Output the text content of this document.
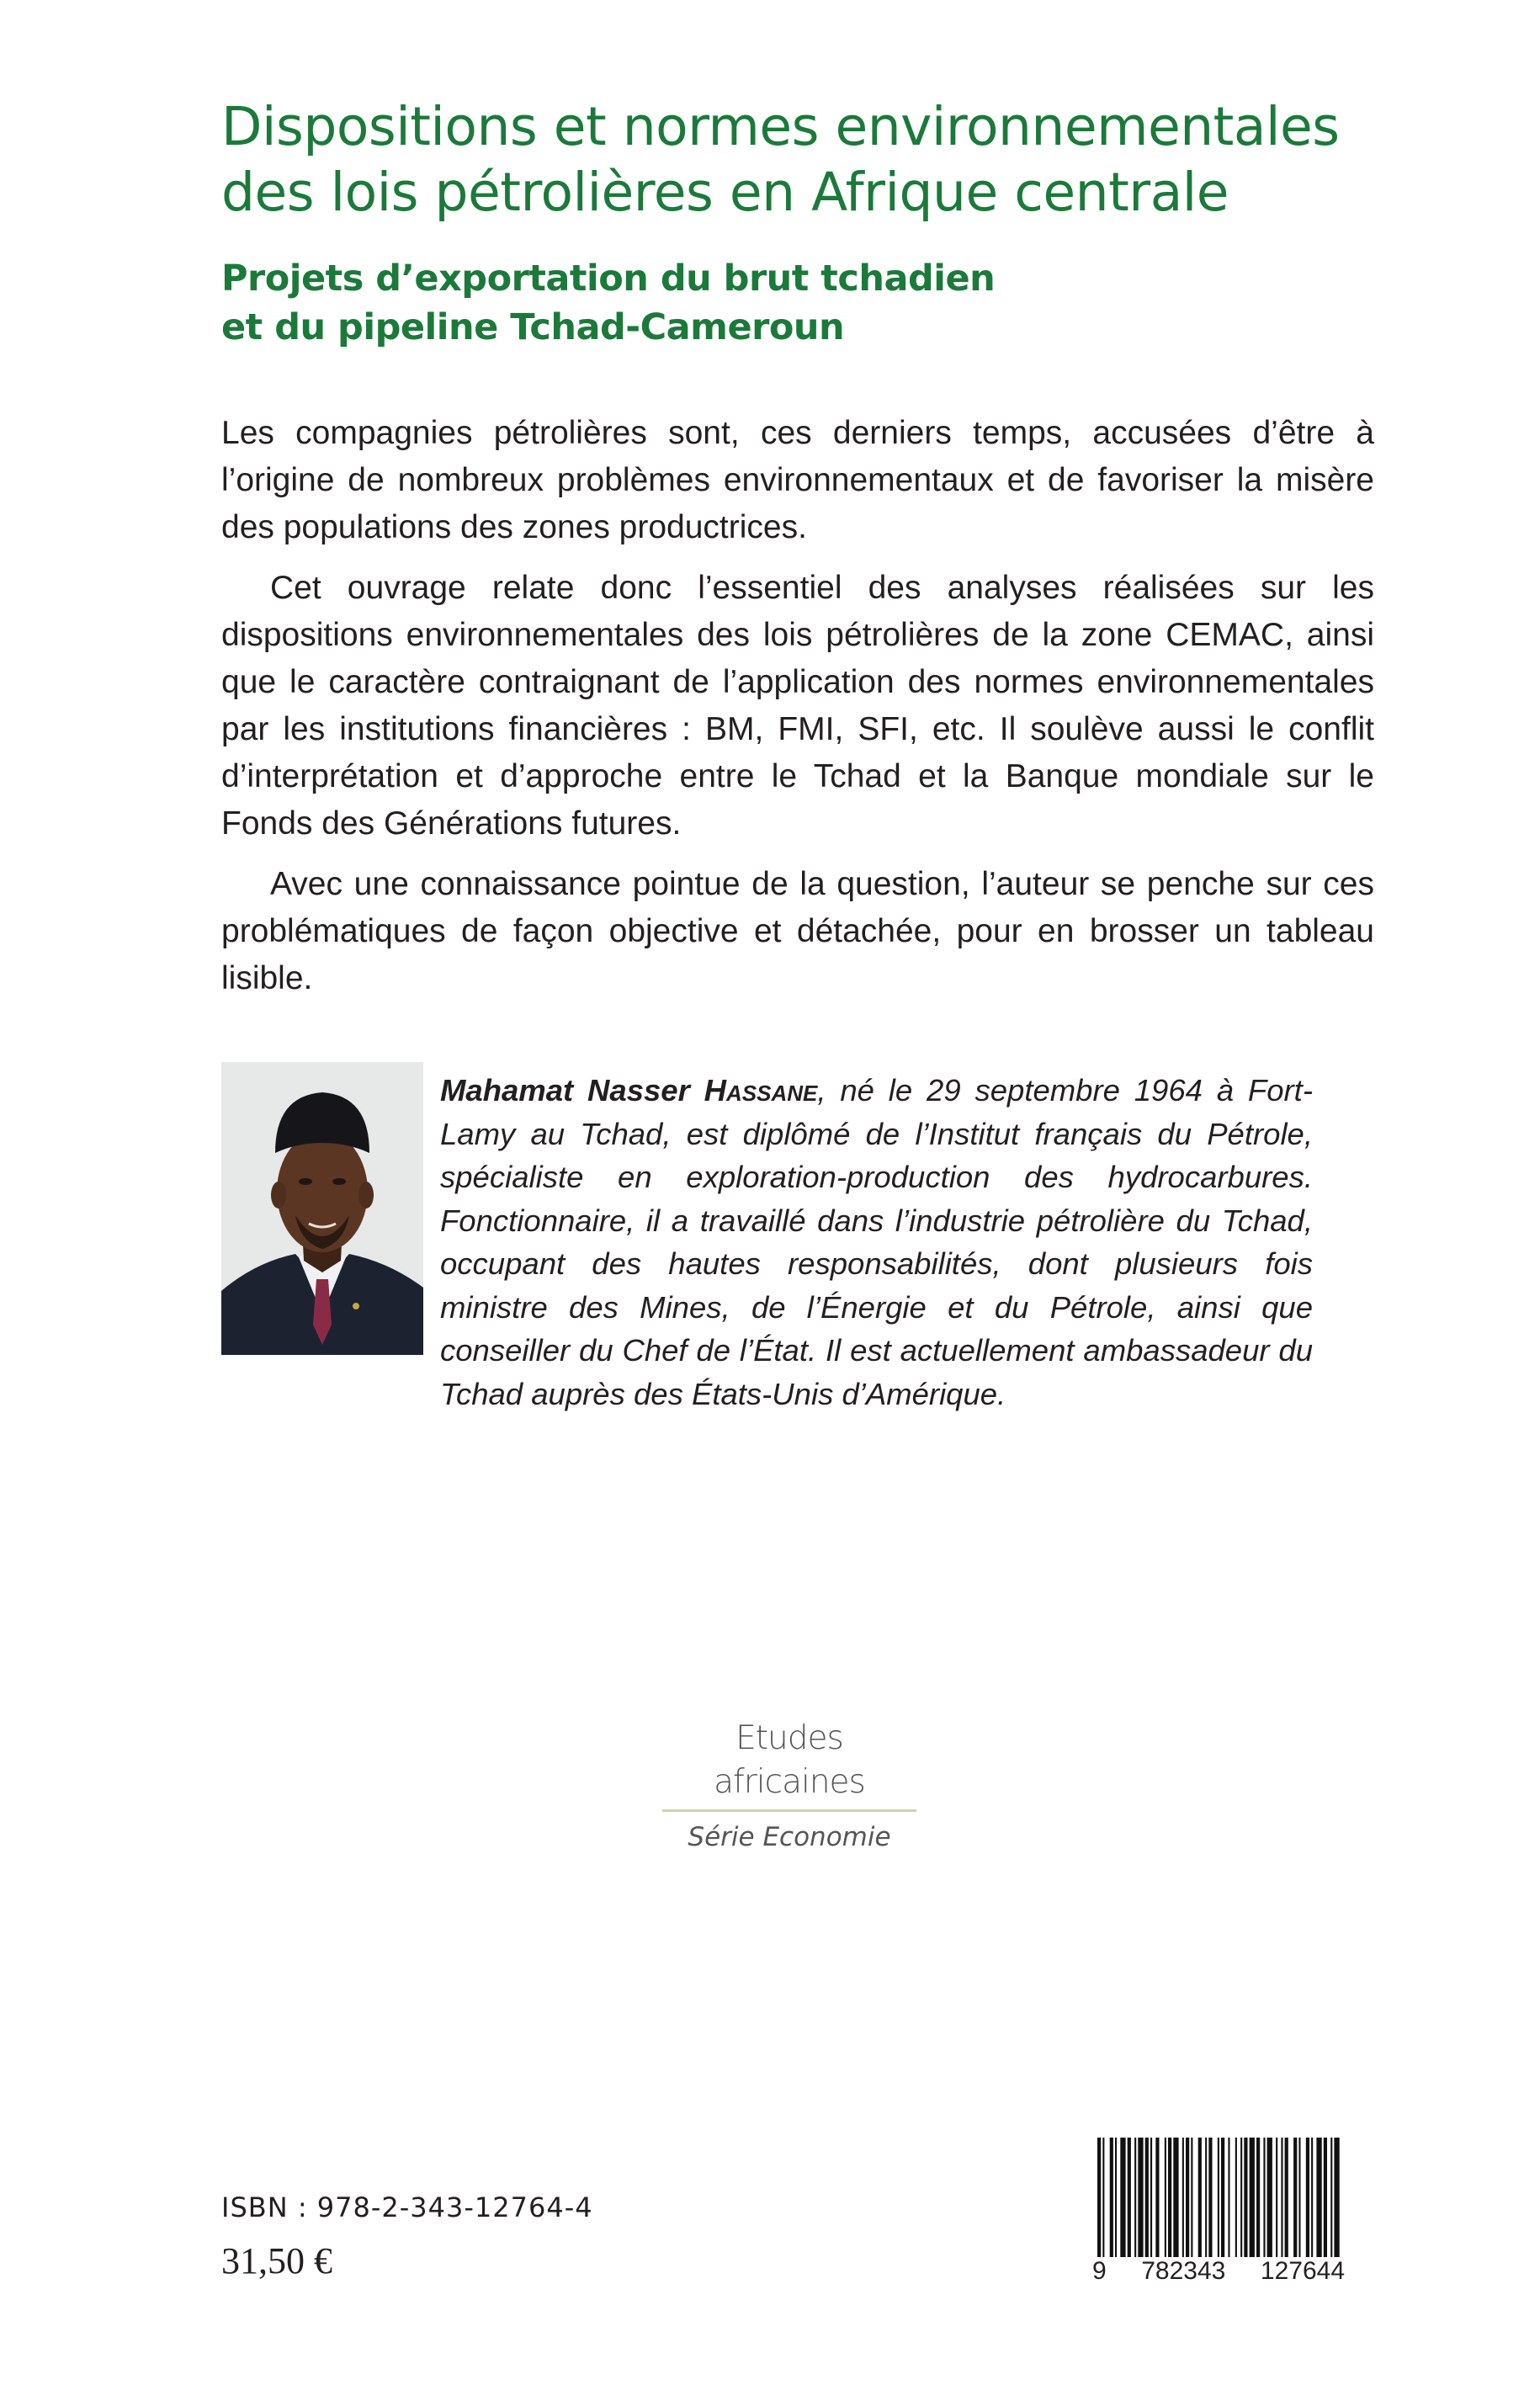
Dispositions et normes environnementales
des lois pétrolières en Afrique centrale
Projets d’exportation du brut tchadien
et du pipeline Tchad-Cameroun

Les compagnies pétrolières sont, ces derniers temps, accusées d’être à l’origine de nombreux problèmes environnementaux et de favoriser la misère des populations des zones productrices.

Cet ouvrage relate donc l’essentiel des analyses réalisées sur les dispositions environnementales des lois pétrolières de la zone CEMAC, ainsi que le caractère contraignant de l’application des normes environnementales par les institutions financières : BM, FMI, SFI, etc. Il soulève aussi le conflit d’interprétation et d’approche entre le Tchad et la Banque mondiale sur le Fonds des Générations futures.

Avec une connaissance pointue de la question, l’auteur se penche sur ces problématiques de façon objective et détachée, pour en brosser un tableau lisible.

Mahamat Nasser Hassane, né le 29 septembre 1964 à Fort-Lamy au Tchad, est diplômé de l’Institut français du Pétrole, spécialiste en exploration-production des hydrocarbures. Fonctionnaire, il a travaillé dans l’industrie pétrolière du Tchad, occupant des hautes responsabilités, dont plusieurs fois ministre des Mines, de l’Énergie et du Pétrole, ainsi que conseiller du Chef de l’État. Il est actuellement ambassadeur du Tchad auprès des États-Unis d’Amérique.
Etudes africaines
Série Economie
ISBN : 978-2-343-12764-4
31,50 €	9 782343 127644
